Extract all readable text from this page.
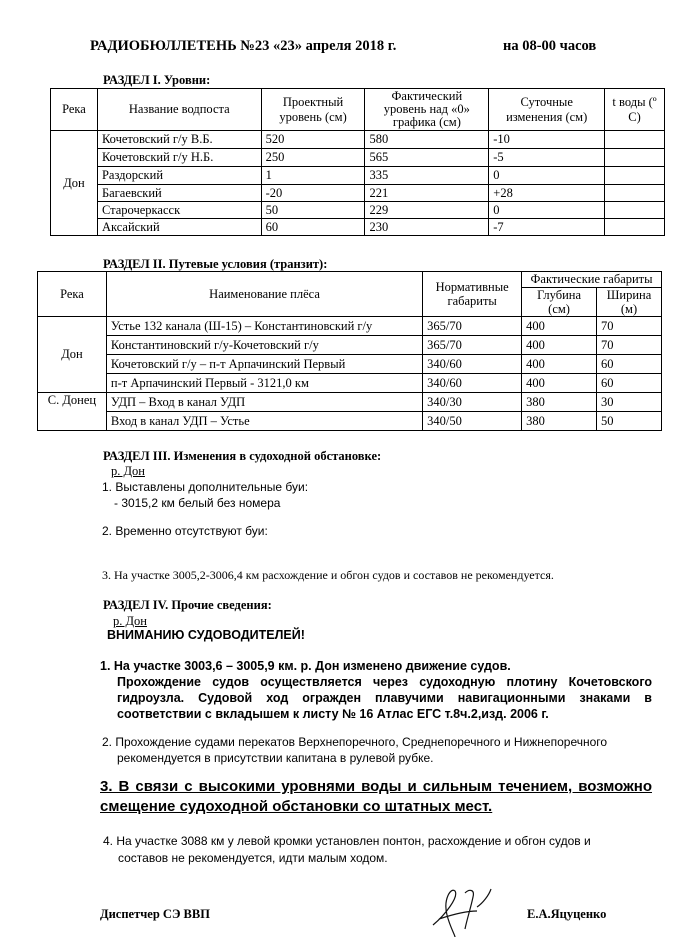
РАДИОБЮЛЛЕТЕНЬ №23 «23» апреля 2018 г.	на 08-00 часов
РАЗДЕЛ I. Уровни:
Река	Название водпоста	Проектный уровень (см)	Фактический уровень над «0» графика (см)	Суточные изменения (см)	t воды (º С)
Дон	Кочетовский г/у В.Б.	520	580	-10	
	Кочетовский г/у Н.Б.	250	565	-5	
	Раздорский	1	335	0	
	Багаевский	-20	221	+28	
	Старочеркасск	50	229	0	
	Аксайский	60	230	-7	
РАЗДЕЛ II. Путевые условия (транзит):
Река	Наименование плёса	Нормативные габариты	Фактические габариты	
			Глубина (см)	Ширина (м)
Дон	Устье 132 канала (Ш-15) – Константиновский г/у	365/70	400	70
	Константиновский г/у-Кочетовский г/у	365/70	400	70
	Кочетовский г/у – п-т Арпачинский Первый	340/60	400	60
	п-т Арпачинский Первый - 3121,0 км	340/60	400	60
С. Донец	УДП – Вход в канал УДП	340/30	380	30
	Вход в канал УДП – Устье	340/50	380	50
РАЗДЕЛ III. Изменения в судоходной обстановке:
р. Дон
1. Выставлены дополнительные буи:
- 3015,2 км белый без номера
2. Временно отсутствуют буи:
3. На участке 3005,2-3006,4 км расхождение и обгон судов и составов не рекомендуется.
РАЗДЕЛ IV. Прочие сведения:
р. Дон
ВНИМАНИЮ СУДОВОДИТЕЛЕЙ!
1. На участке 3003,6 – 3005,9 км. р. Дон изменено движение судов.
Прохождение судов осуществляется через судоходную плотину Кочетовского гидроузла. Судовой ход огражден плавучими навигационными знаками в соответствии с вкладышем к листу № 16 Атлас ЕГС т.8ч.2,изд. 2006 г.
2. Прохождение судами перекатов Верхнепоречного, Среднепоречного и Нижнепоречного
рекомендуется в присутствии капитана в рулевой рубке.
3. В связи с высокими уровнями воды и сильным течением, возможно смещение судоходной обстановки со штатных мест.
4. На участке 3088 км у левой кромки установлен понтон, расхождение и обгон судов и
составов не рекомендуется, идти малым ходом.
Диспетчер СЭ ВВП	Е.А.Яцуценко
